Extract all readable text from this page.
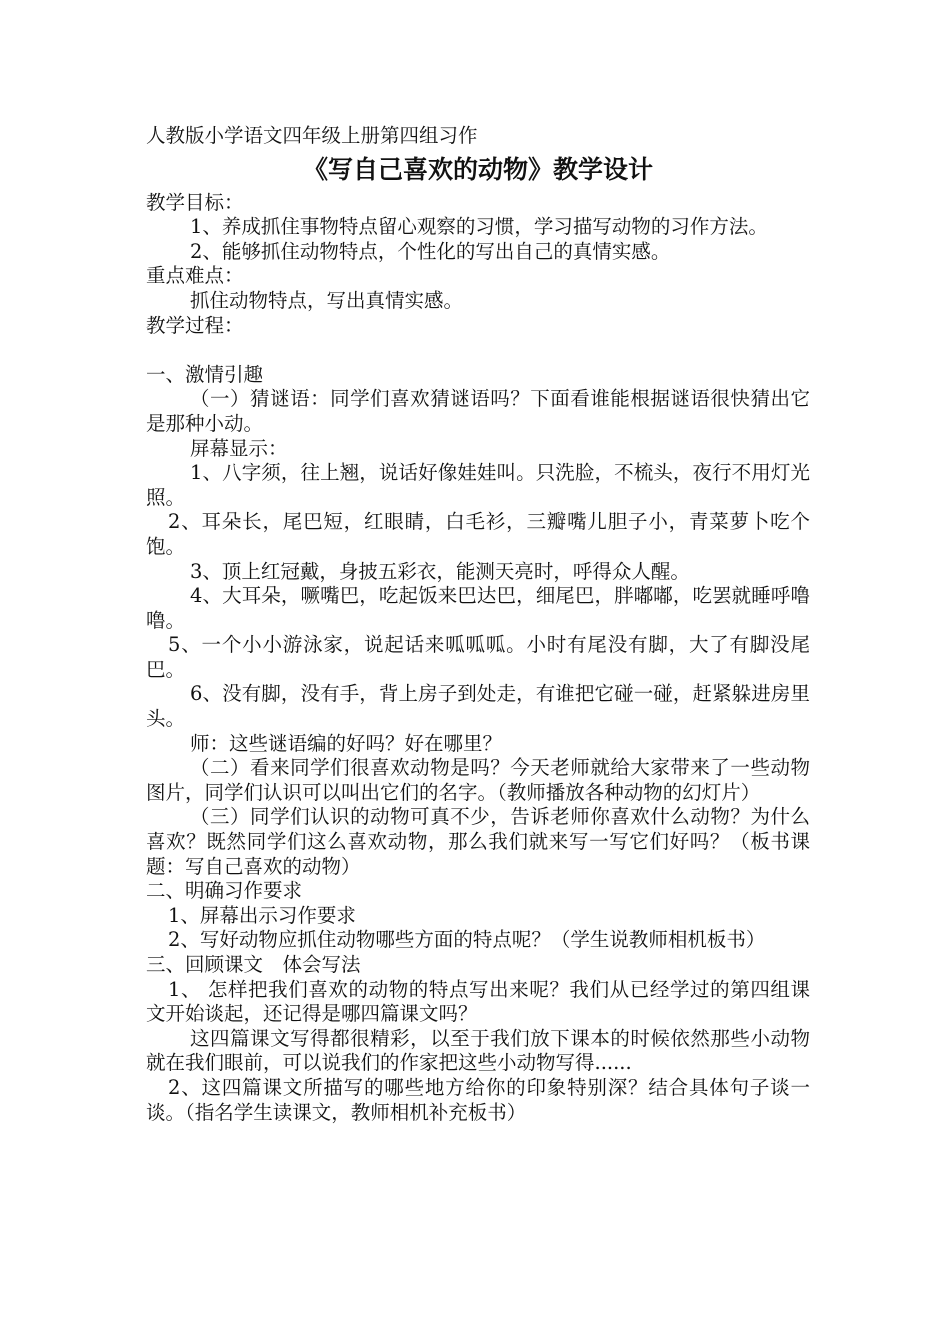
人教版小学语文四年级上册第四组习作

《写自己喜欢的动物》教学设计

教学目标：

1、养成抓住事物特点留心观察的习惯，学习描写动物的习作方法。

2、能够抓住动物特点，个性化的写出自己的真情实感。

重点难点：

抓住动物特点，写出真情实感。

教学过程：

一、激情引趣

（一）猜谜语：同学们喜欢猜谜语吗？下面看谁能根据谜语很快猜出它是那种小动。

屏幕显示：

1、八字须，往上翘，说话好像娃娃叫。只洗脸，不梳头，夜行不用灯光照。

2、耳朵长，尾巴短，红眼睛，白毛衫，三瓣嘴儿胆子小，青菜萝卜吃个饱。

3、顶上红冠戴，身披五彩衣，能测天亮时，呼得众人醒。

4、大耳朵，噘嘴巴，吃起饭来巴达巴，细尾巴，胖嘟嘟，吃罢就睡呼噜噜。

5、一个小小游泳家，说起话来呱呱呱。小时有尾没有脚，大了有脚没尾巴。

6、没有脚，没有手，背上房子到处走，有谁把它碰一碰，赶紧躲进房里头。

师：这些谜语编的好吗？好在哪里？

（二）看来同学们很喜欢动物是吗？今天老师就给大家带来了一些动物图片，同学们认识可以叫出它们的名字。（教师播放各种动物的幻灯片）

（三）同学们认识的动物可真不少，告诉老师你喜欢什么动物？为什么喜欢？既然同学们这么喜欢动物，那么我们就来写一写它们好吗？（板书课题：写自己喜欢的动物）

二、明确习作要求

1、屏幕出示习作要求

2、写好动物应抓住动物哪些方面的特点呢？（学生说教师相机板书）

三、回顾课文　体会写法

1、 怎样把我们喜欢的动物的特点写出来呢？我们从已经学过的第四组课文开始谈起，还记得是哪四篇课文吗？

这四篇课文写得都很精彩，以至于我们放下课本的时候依然那些小动物就在我们眼前，可以说我们的作家把这些小动物写得......

2、这四篇课文所描写的哪些地方给你的印象特别深？结合具体句子谈一谈。（指名学生读课文，教师相机补充板书）
